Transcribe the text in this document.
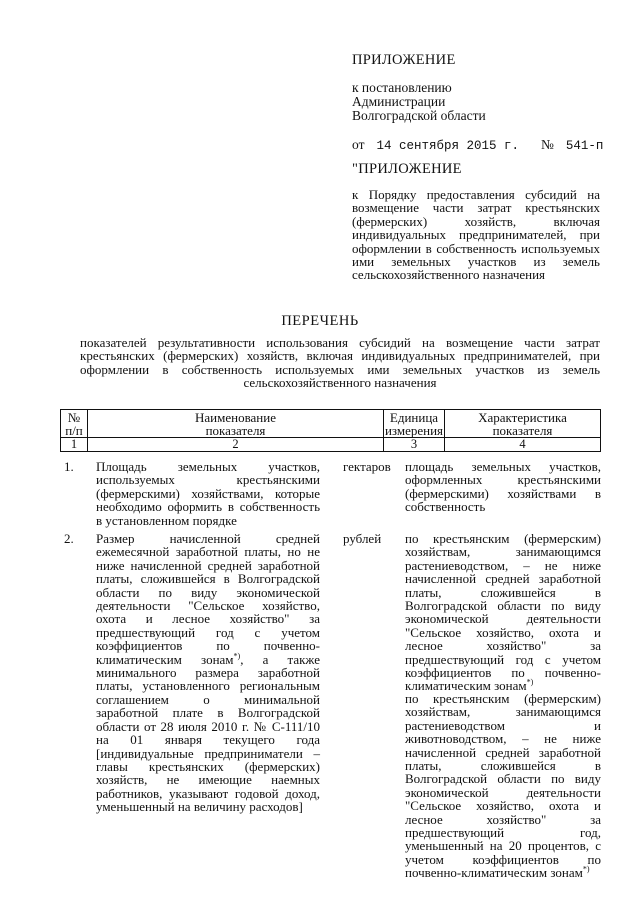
ПРИЛОЖЕНИЕ
к постановлению
Администрации
Волгоградской области
от 14 сентября 2015 г. № 541-п
"ПРИЛОЖЕНИЕ
к Порядку предоставления субсидий на возмещение части затрат крестьянских (фермерских) хозяйств, включая индивидуальных предпринимателей, при оформлении в собственность используемых ими земельных участков из земель сельскохозяйственного назначения
ПЕРЕЧЕНЬ
показателей результативности использования субсидий на возмещение части затрат крестьянских (фермерских) хозяйств, включая индивидуальных предпринимателей, при оформлении в собственность используемых ими земельных участков из земель сельскохозяйственного назначения
№
п/п
1
Наименование
показателя
2
Единица
измерения
3
Характеристика
показателя
4
1. Площадь земельных участков, используемых крестьянскими (фермерскими) хозяйствами, которые необходимо оформить в собственность в установленном порядке
гектаров	площадь земельных участков, оформленных крестьянскими (фермерскими) хозяйствами в собственность
2. Размер начисленной средней ежемесячной заработной платы, но не ниже начисленной средней заработной платы, сложившейся в Волгоградской области по виду экономической деятельности "Сельское хозяйство, охота и лесное хозяйство" за предшествующий год с учетом коэффициентов по почвенно-климатическим зонам*), а также минимального размера заработной платы, установленного региональным соглашением о минимальной заработной плате в Волгоградской области от 28 июля 2010 г. № С-111/10 на 01 января текущего года [индивидуальные предприниматели – главы крестьянских (фермерских) хозяйств, не имеющие наемных работников, указывают годовой доход, уменьшенный на величину расходов]
рублей	по крестьянским (фермерским) хозяйствам, занимающимся растениеводством, – не ниже начисленной средней заработной платы, сложившейся в Волгоградской области по виду экономической деятельности "Сельское хозяйство, охота и лесное хозяйство" за предшествующий год с учетом коэффициентов по почвенно-климатическим зонам*)
по крестьянским (фермерским) хозяйствам, занимающимся растениеводством и животноводством, – не ниже начисленной средней заработной платы, сложившейся в Волгоградской области по виду экономической деятельности "Сельское хозяйство, охота и лесное хозяйство" за предшествующий год, уменьшенный на 20 процентов, с учетом коэффициентов по почвенно-климатическим зонам*)
